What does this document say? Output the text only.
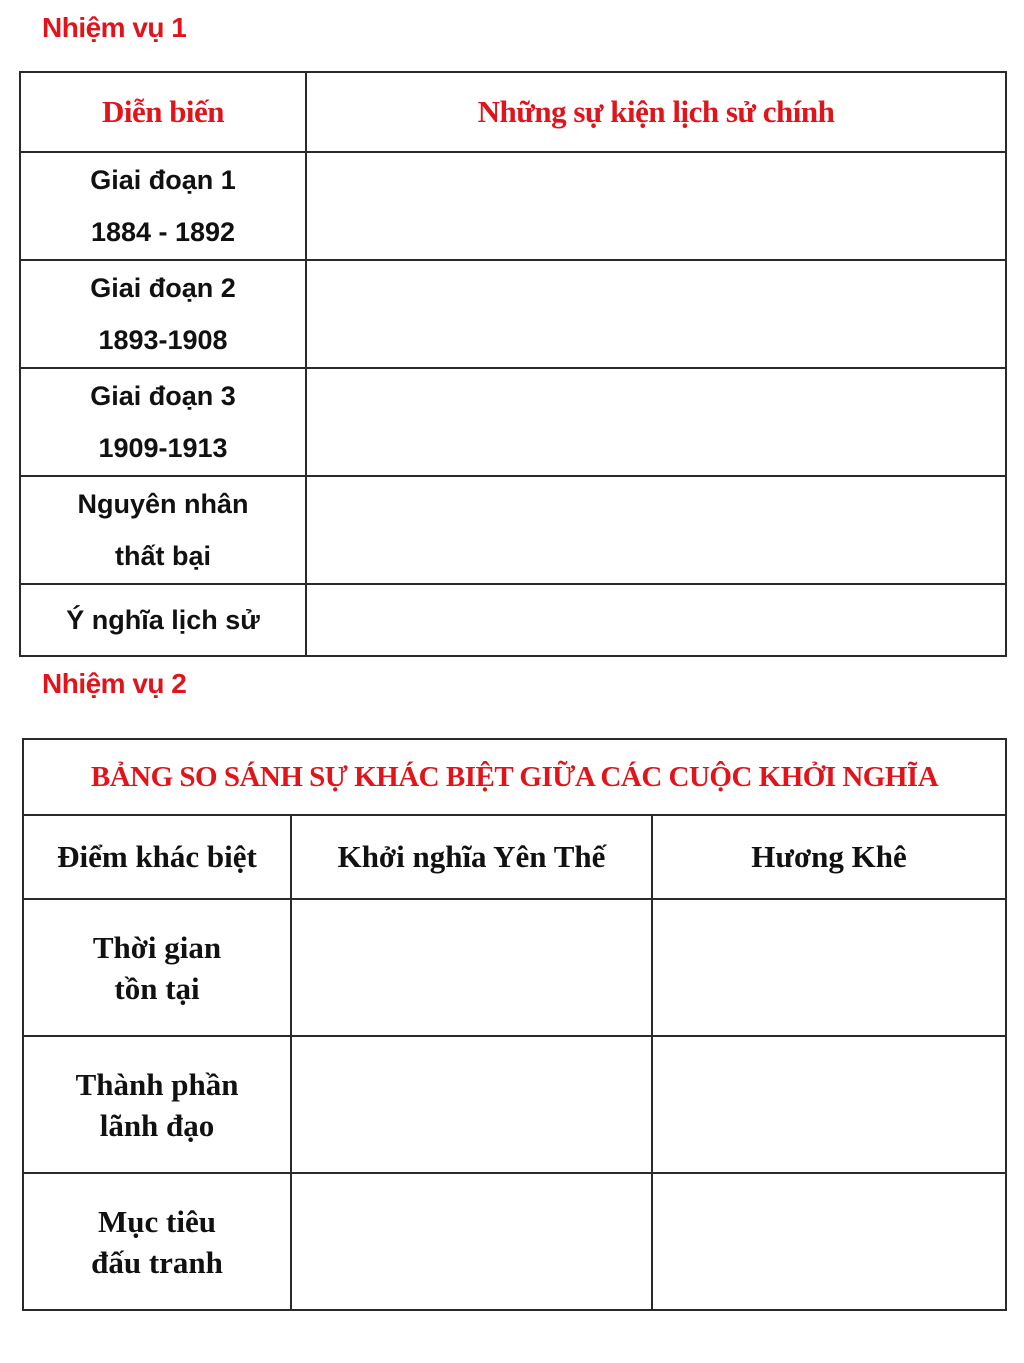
Nhiệm vụ 1
Diễn biến	Những sự kiện lịch sử chính

Giai đoạn 1
1884 - 1892	

Giai đoạn 2
1893-1908	

Giai đoạn 3
1909-1913	

Nguyên nhân
thất bại	

Ý nghĩa lịch sử	

Nhiệm vụ 2
BẢNG SO SÁNH SỰ KHÁC BIỆT GIỮA CÁC CUỘC KHỞI NGHĨA		
Điểm khác biệt	Khởi nghĩa Yên Thế	Hương Khê

Thời gian
tồn tại		

Thành phần
lãnh đạo		

Mục tiêu
đấu tranh		
